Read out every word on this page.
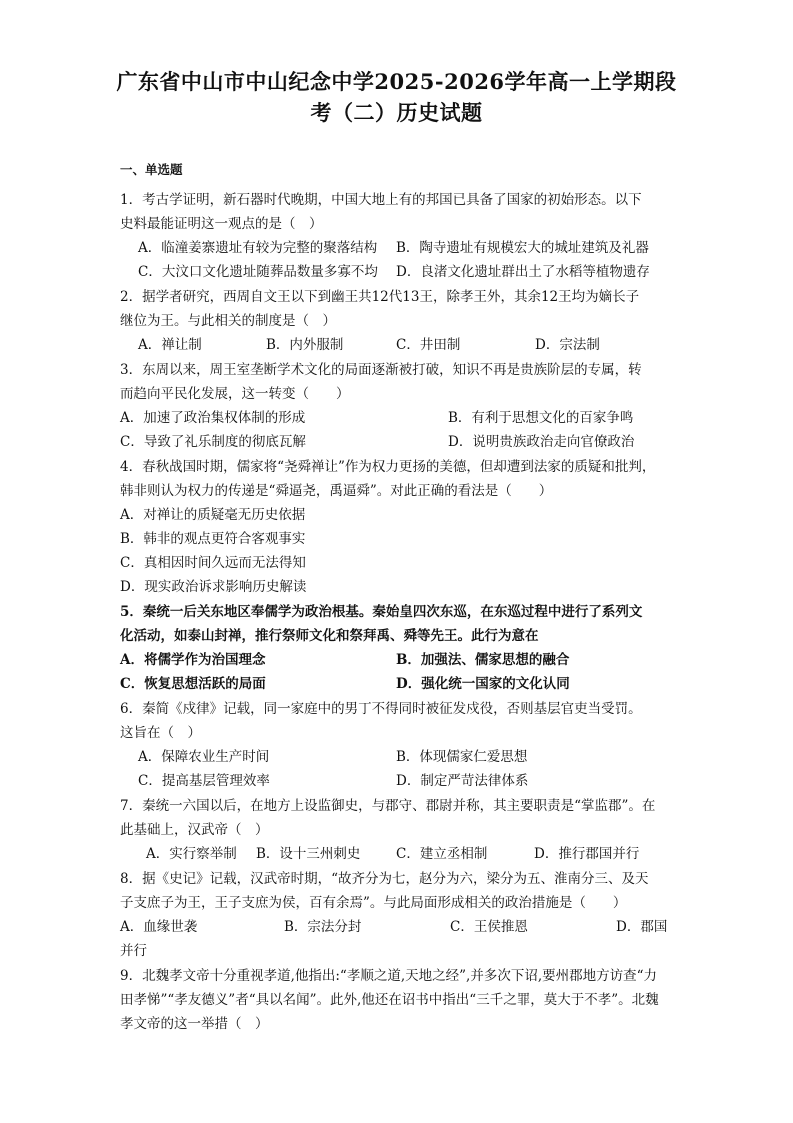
广东省中山市中山纪念中学2025-2026学年高一上学期段
考（二）历史试题
一、单选题
1．考古学证明，新石器时代晚期，中国大地上有的邦国已具备了国家的初始形态。以下
史料最能证明这一观点的是（　）
A．临潼姜寨遗址有较为完整的聚落结构 B．陶寺遗址有规模宏大的城址建筑及礼器
C．大汶口文化遗址随葬品数量多寡不均 D．良渚文化遗址群出土了水稻等植物遗存
2．据学者研究，西周自文王以下到幽王共12代13王，除孝王外，其余12王均为嫡长子
继位为王。与此相关的制度是（　）
A．禅让制	B．内外服制	C．井田制	D．宗法制
3．东周以来，周王室垄断学术文化的局面逐渐被打破，知识不再是贵族阶层的专属，转
而趋向平民化发展，这一转变（　　）
A．加速了政治集权体制的形成	B．有利于思想文化的百家争鸣
C．导致了礼乐制度的彻底瓦解	D．说明贵族政治走向官僚政治
4．春秋战国时期，儒家将“尧舜禅让”作为权力更扬的美德，但却遭到法家的质疑和批判，
韩非则认为权力的传递是“舜逼尧，禹逼舜”。对此正确的看法是（　　）
A．对禅让的质疑毫无历史依据
B．韩非的观点更符合客观事实
C．真相因时间久远而无法得知
D．现实政治诉求影响历史解读
5．秦统一后关东地区奉儒学为政治根基。秦始皇四次东巡，在东巡过程中进行了系列文
化活动，如泰山封禅，推行祭师文化和祭拜禹、舜等先王。此行为意在
A．将儒学作为治国理念	B．加强法、儒家思想的融合
C．恢复思想活跃的局面	D．强化统一国家的文化认同
6．秦简《戍律》记载，同一家庭中的男丁不得同时被征发戍役，否则基层官吏当受罚。
这旨在（　）
A．保障农业生产时间	B．体现儒家仁爱思想
C．提高基层管理效率	D．制定严苛法律体系
7．秦统一六国以后，在地方上设监御史，与郡守、郡尉并称，其主要职责是“掌监郡”。在
此基础上，汉武帝（　）
A．实行察举制 B．设十三州刺史	C．建立丞相制	D．推行郡国并行
8．据《史记》记载，汉武帝时期，“故齐分为七，赵分为六，梁分为五、淮南分三、及天
子支庶子为王，王子支庶为侯，百有余焉”。与此局面形成相关的政治措施是（　　）
A．血缘世袭	B．宗法分封	C．王侯推恩	D．郡国
并行
9．北魏孝文帝十分重视孝道,他指出:“孝顺之道,天地之经”,并多次下诏,要州郡地方访查“力
田孝悌”“孝友德义”者“具以名闻”。此外,他还在诏书中指出“三千之罪，莫大于不孝”。北魏
孝文帝的这一举措（　）
